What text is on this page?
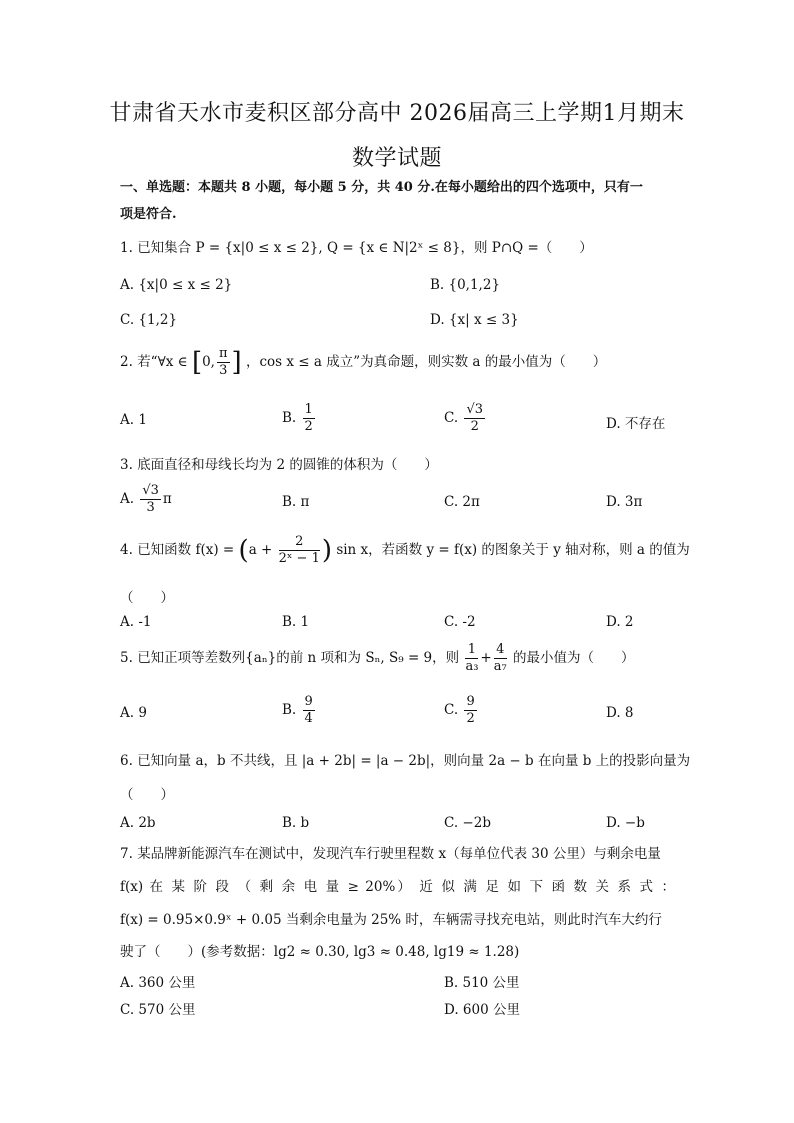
甘肃省天水市麦积区部分高中 2026届高三上学期1月期末
数学试题
一、单选题：本题共 8 小题，每小题 5 分，共 40 分.在每小题给出的四个选项中，只有一
项是符合.
1. 已知集合 P = {x|0 ≤ x ≤ 2}, Q = {x ∈ N|2ˣ ≤ 8}，则 P∩Q =（　　）
A. {x|0 ≤ x ≤ 2}	B. {0,1,2}
C. {1,2}	D. {x| x ≤ 3}
2. 若“∀x ∈ [0, $\frac{\pi}{3}$ ] ，cos x ≤ a 成立”为真命题，则实数 a 的最小值为（　　）
A. 1	B. $\frac{1}{2}$	C. $\frac{√3}{2}$	D. 不存在
3. 底面直径和母线长均为 2 的圆锥的体积为（　　）
A. $\frac{√3}{3}$ π	B. π	C. 2π	D. 3π
4. 已知函数 $f(x) = (a + \frac{2}{\text{2ˣ − 1}}$ ) sin x，若函数 y = f(x) 的图象关于 y 轴对称，则 a 的值为
（　　）
A. -1	B. 1	C. -2	D. 2
5. 已知正项等差数列{aₙ}的前 n 项和为 Sₙ, S₉ = 9，则 $\frac{1}{\text{a₃}} + \frac{4}{\text{a₇}}$ 的最小值为（　　）
A. 9	B. $\frac{9}{4}$	C. $\frac{9}{2}$	D. 8
6. 已知向量 a，b 不共线，且 |a + 2b| = |a − 2b|，则向量 2a − b 在向量 b 上的投影向量为
（　　）
A. 2b	B. b	C. −2b	D. −b
7. 某品牌新能源汽车在测试中，发现汽车行驶里程数 x（每单位代表 30 公里）与剩余电量
f(x) 在 某 阶 段 （ 剩 余 电 量 ≥ 20%） 近 似 满 足 如 下 函 数 关 系 式 ：
f(x) = 0.95×0.9ˣ + 0.05 当剩余电量为 25% 时，车辆需寻找充电站，则此时汽车大约行
驶了（　　）(参考数据：lg2 ≈ 0.30, lg3 ≈ 0.48, lg19 ≈ 1.28)
A. 360 公里	B. 510 公里
C. 570 公里	D. 600 公里
